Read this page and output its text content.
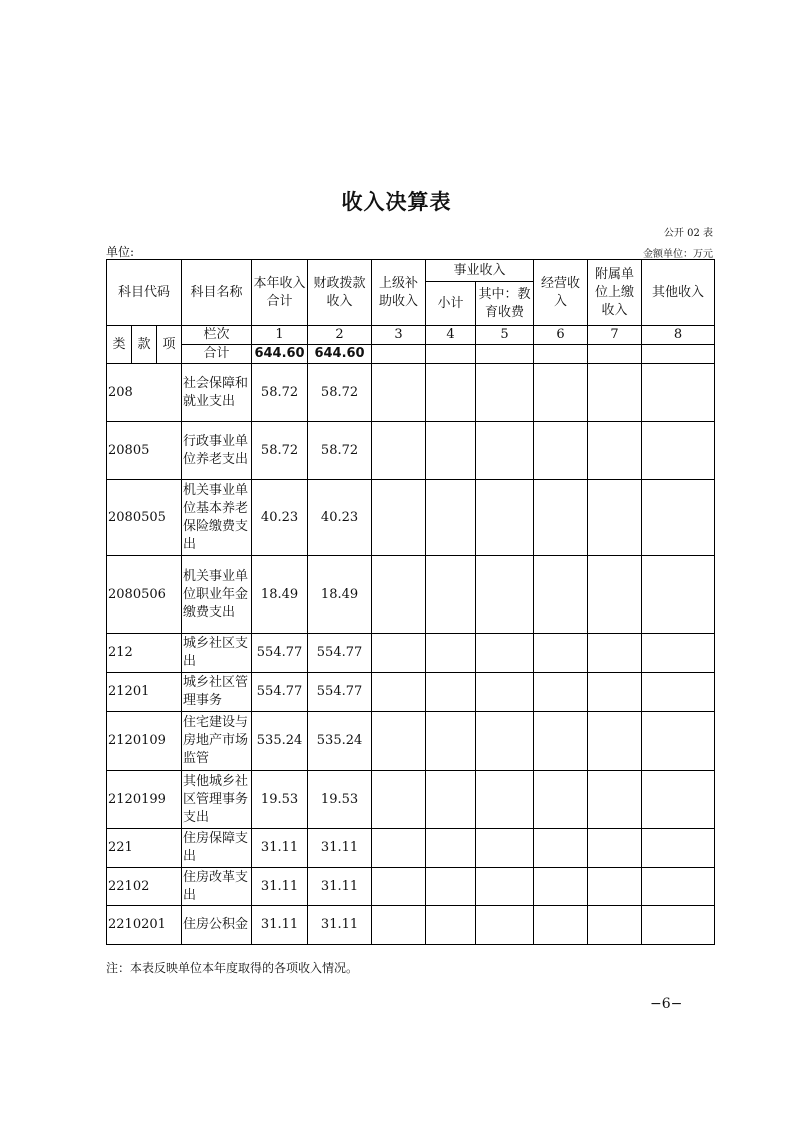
收入决算表
公开 02 表
单位:	金额单位：万元
科目代码			科目名称	本年收入合计	财政拨款收入	上级补助收入	事业收入		经营收入	附属单位上缴收入	其他收入
							小计	其中：教育收费			
类	款	项	栏次	1	2	3	4	5	6	7	8
			合计	644.60	644.60						
208			社会保障和就业支出	58.72	58.72						
20805			行政事业单位养老支出	58.72	58.72						
2080505			机关事业单位基本养老保险缴费支出	40.23	40.23						
2080506			机关事业单位职业年金缴费支出	18.49	18.49						
212			城乡社区支出	554.77	554.77						
21201			城乡社区管理事务	554.77	554.77						
2120109			住宅建设与房地产市场监管	535.24	535.24						
2120199			其他城乡社区管理事务支出	19.53	19.53						
221			住房保障支出	31.11	31.11						
22102			住房改革支出	31.11	31.11						
2210201			住房公积金	31.11	31.11						
注：本表反映单位本年度取得的各项收入情况。
−6−
